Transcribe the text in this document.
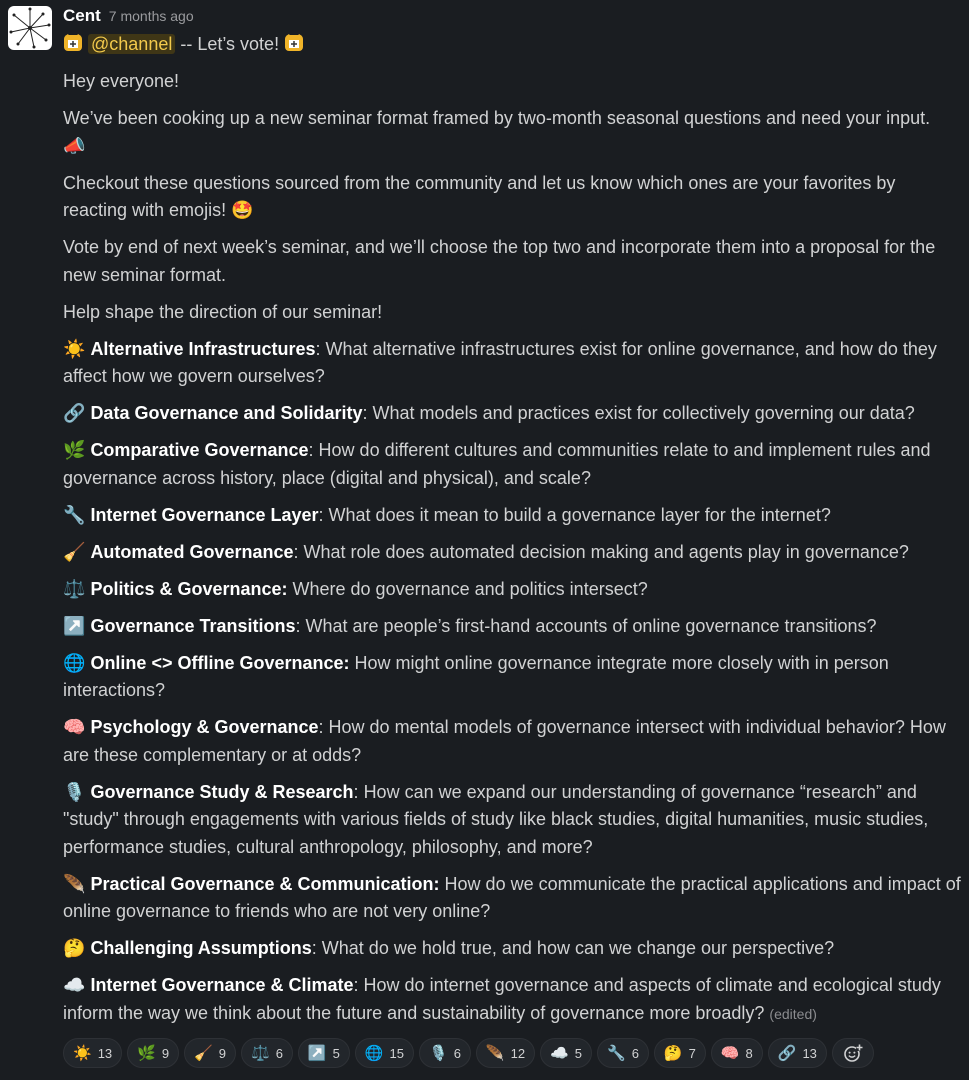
Cent 7 months ago
@channel -- Let’s vote!
Hey everyone!
We’ve been cooking up a new seminar format framed by two-month seasonal questions and need your input.
📣
Checkout these questions sourced from the community and let us know which ones are your favorites by reacting with emojis! 🤩
Vote by end of next week’s seminar, and we’ll choose the top two and incorporate them into a proposal for the new seminar format.
Help shape the direction of our seminar!
☀️ Alternative Infrastructures: What alternative infrastructures exist for online governance, and how do they affect how we govern ourselves?
🔗 Data Governance and Solidarity: What models and practices exist for collectively governing our data?
🌿 Comparative Governance: How do different cultures and communities relate to and implement rules and governance across history, place (digital and physical), and scale?
🔧 Internet Governance Layer: What does it mean to build a governance layer for the internet?
🧹 Automated Governance: What role does automated decision making and agents play in governance?
⚖️ Politics & Governance: Where do governance and politics intersect?
↗️ Governance Transitions: What are people’s first-hand accounts of online governance transitions?
🌐 Online <> Offline Governance: How might online governance integrate more closely with in person interactions?
🧠 Psychology & Governance: How do mental models of governance intersect with individual behavior? How are these complementary or at odds?
🎙️ Governance Study & Research: How can we expand our understanding of governance “research” and "study" through engagements with various fields of study like black studies, digital humanities, music studies, performance studies, cultural anthropology, philosophy, and more?
🪶 Practical Governance & Communication: How do we communicate the practical applications and impact of online governance to friends who are not very online?
🤔 Challenging Assumptions: What do we hold true, and how can we change our perspective?
☁️ Internet Governance & Climate: How do internet governance and aspects of climate and ecological study inform the way we think about the future and sustainability of governance more broadly? (edited)
☀️ 13 🌿 9 🧹 9 ⚖️ 6 ↗️ 5 🌐 15 🎙️ 6 🪶 12 ☁️ 5 🔧 6 🤔 7 🧠 8 🔗 13
